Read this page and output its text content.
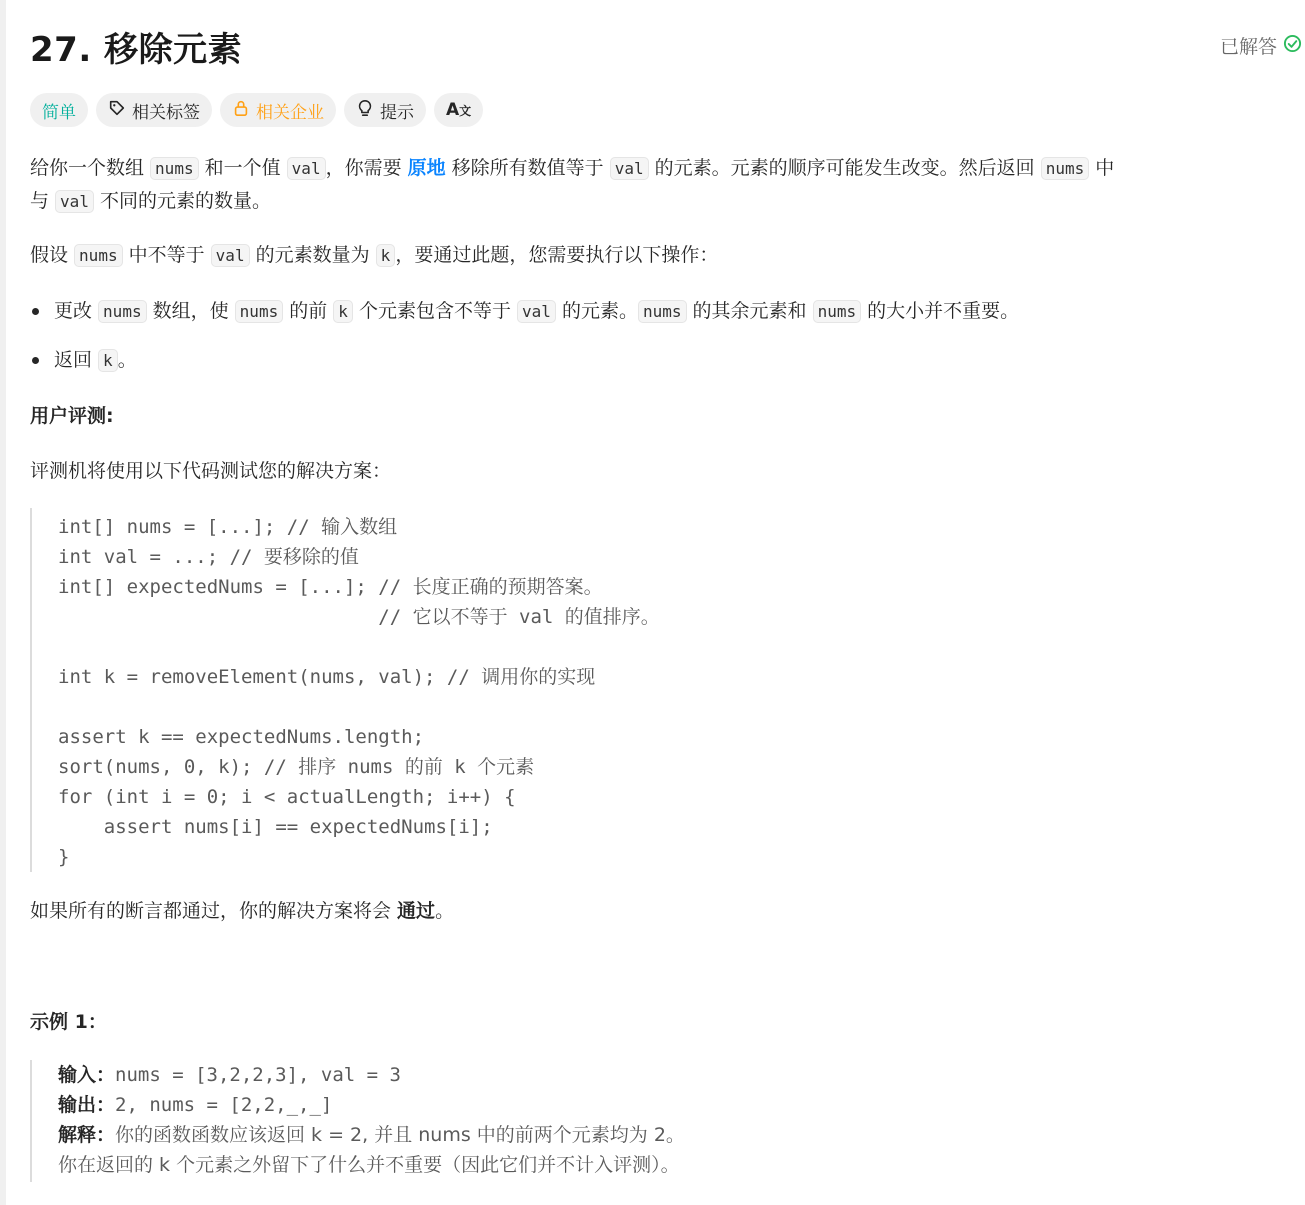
27. 移除元素	已解答
简单	相关标签	相关企业	提示 A文
给你一个数组 nums 和一个值 val ，你需要 原地 移除所有数值等于 val 的元素。元素的顺序可能发生改变。然后返回 nums 中
与 val 不同的元素的数量。
假设 nums 中不等于 val 的元素数量为 k ，要通过此题，您需要执行以下操作：
更改 nums 数组，使 nums 的前 k 个元素包含不等于 val 的元素。 nums 的其余元素和 nums 的大小并不重要。
返回 k 。
用户评测:
评测机将使用以下代码测试您的解决方案：
int[] nums = [...]; // 输入数组
int val = ...; // 要移除的值
int[] expectedNums = [...]; // 长度正确的预期答案。
// 它以不等于 val 的值排序。

int k = removeElement(nums, val); // 调用你的实现

assert k == expectedNums.length;
sort(nums, 0, k); // 排序 nums 的前 k 个元素
for (int i = 0; i < actualLength; i++) {
assert nums[i] == expectedNums[i];
}
如果所有的断言都通过，你的解决方案将会 通过。
示例 1：
输入：nums = [3,2,2,3], val = 3
输出：2, nums = [2,2,_,_]
解释：你的函数函数应该返回 k = 2, 并且 nums 中的前两个元素均为 2。
你在返回的 k 个元素之外留下了什么并不重要（因此它们并不计入评测）。
